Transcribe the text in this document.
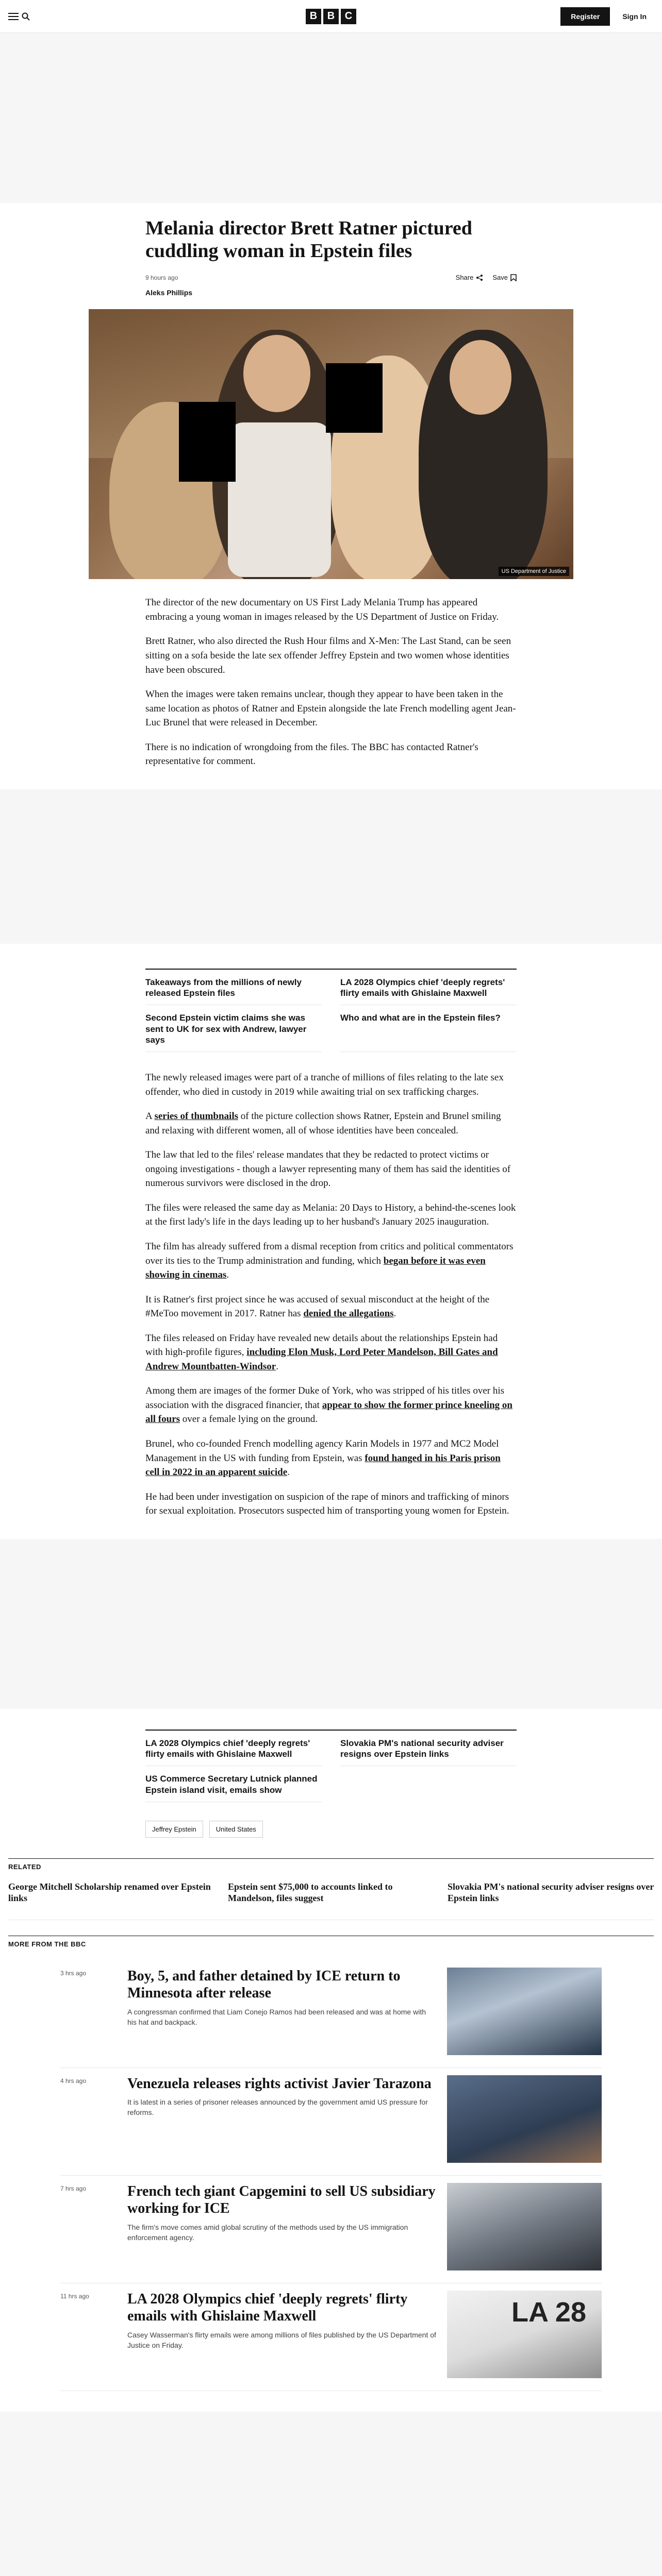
B B C	Register	Sign In
Melania director Brett Ratner pictured cuddling woman in Epstein files
9 hours ago	Share	Save
Aleks Phillips
US Department of Justice

The director of the new documentary on US First Lady Melania Trump has appeared embracing a young woman in images released by the US Department of Justice on Friday.

Brett Ratner, who also directed the Rush Hour films and X-Men: The Last Stand, can be seen sitting on a sofa beside the late sex offender Jeffrey Epstein and two women whose identities have been obscured.

When the images were taken remains unclear, though they appear to have been taken in the same location as photos of Ratner and Epstein alongside the late French modelling agent Jean-Luc Brunel that were released in December.

There is no indication of wrongdoing from the files. The BBC has contacted Ratner's representative for comment.

Takeaways from the millions of newly released Epstein files
LA 2028 Olympics chief 'deeply regrets' flirty emails with Ghislaine Maxwell
Second Epstein victim claims she was sent to UK for sex with Andrew, lawyer says
Who and what are in the Epstein files?

The newly released images were part of a tranche of millions of files relating to the late sex offender, who died in custody in 2019 while awaiting trial on sex trafficking charges.

A series of thumbnails of the picture collection shows Ratner, Epstein and Brunel smiling and relaxing with different women, all of whose identities have been concealed.

The law that led to the files' release mandates that they be redacted to protect victims or ongoing investigations - though a lawyer representing many of them has said the identities of numerous survivors were disclosed in the drop.

The files were released the same day as Melania: 20 Days to History, a behind-the-scenes look at the first lady's life in the days leading up to her husband's January 2025 inauguration.

The film has already suffered from a dismal reception from critics and political commentators over its ties to the Trump administration and funding, which began before it was even showing in cinemas.

It is Ratner's first project since he was accused of sexual misconduct at the height of the #MeToo movement in 2017. Ratner has denied the allegations.

The files released on Friday have revealed new details about the relationships Epstein had with high-profile figures, including Elon Musk, Lord Peter Mandelson, Bill Gates and Andrew Mountbatten-Windsor.

Among them are images of the former Duke of York, who was stripped of his titles over his association with the disgraced financier, that appear to show the former prince kneeling on all fours over a female lying on the ground.

Brunel, who co-founded French modelling agency Karin Models in 1977 and MC2 Model Management in the US with funding from Epstein, was found hanged in his Paris prison cell in 2022 in an apparent suicide.

He had been under investigation on suspicion of the rape of minors and trafficking of minors for sexual exploitation. Prosecutors suspected him of transporting young women for Epstein.

LA 2028 Olympics chief 'deeply regrets' flirty emails with Ghislaine Maxwell
Slovakia PM's national security adviser resigns over Epstein links
US Commerce Secretary Lutnick planned Epstein island visit, emails show
Jeffrey Epstein	United States
RELATED
George Mitchell Scholarship renamed over Epstein links
Epstein sent $75,000 to accounts linked to Mandelson, files suggest
Slovakia PM's national security adviser resigns over Epstein links
MORE FROM THE BBC
3 hrs ago	Boy, 5, and father detained by ICE return to Minnesota after release

A congressman confirmed that Liam Conejo Ramos had been released and was at home with his hat and backpack.

4 hrs ago	Venezuela releases rights activist Javier Tarazona

It is latest in a series of prisoner releases announced by the government amid US pressure for reforms.

7 hrs ago	French tech giant Capgemini to sell US subsidiary working for ICE

The firm's move comes amid global scrutiny of the methods used by the US immigration enforcement agency.

11 hrs ago	LA 2028 Olympics chief 'deeply regrets' flirty emails with Ghislaine Maxwell

Casey Wasserman's flirty emails were among millions of files published by the US Department of Justice on Friday.

LA 28
